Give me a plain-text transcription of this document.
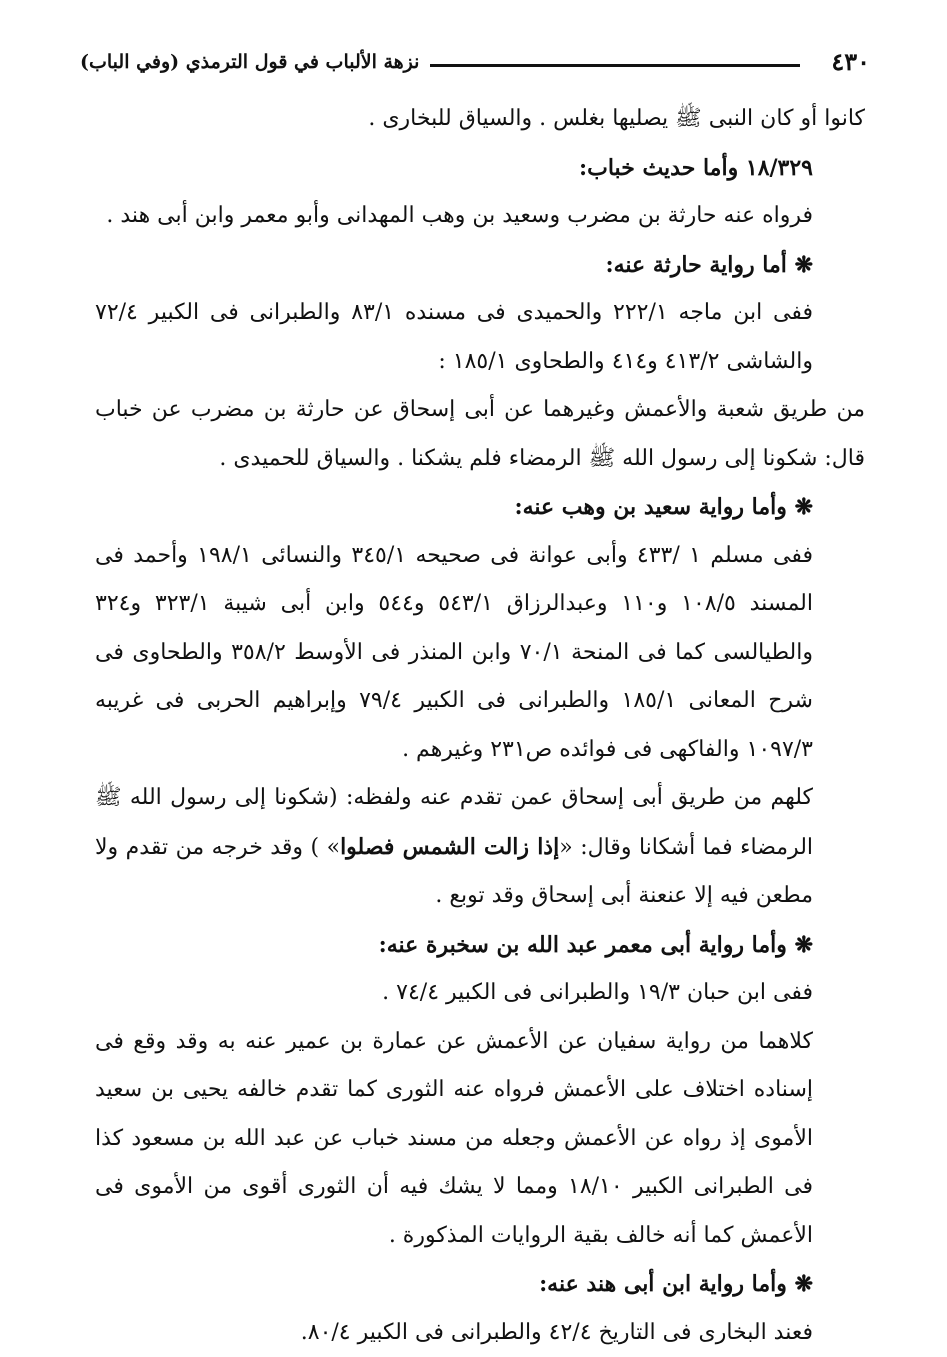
٤٣٠
نزهة الألباب في قول الترمذي (وفي الباب)

كانوا أو كان النبى ﷺ يصليها بغلس . والسياق للبخارى .

١٨/٣٢٩ وأما حديث خباب:

فرواه عنه حارثة بن مضرب وسعيد بن وهب المهدانى وأبو معمر وابن أبى هند .

❋ أما رواية حارثة عنه:

ففى ابن ماجه ٢٢٢/١ والحميدى فى مسنده ٨٣/١ والطبرانى فى الكبير ٧٢/٤ والشاشى ٤١٣/٢ و٤١٤ والطحاوى ١٨٥/١ :

من طريق شعبة والأعمش وغيرهما عن أبى إسحاق عن حارثة بن مضرب عن خباب قال: شكونا إلى رسول الله ﷺ الرمضاء فلم يشكنا . والسياق للحميدى .

❋ وأما رواية سعيد بن وهب عنه:

ففى مسلم ١ /٤٣٣ وأبى عوانة فى صحيحه ٣٤٥/١ والنسائى ١٩٨/١ وأحمد فى المسند ١٠٨/٥ و١١٠ وعبدالرزاق ٥٤٣/١ و٥٤٤ وابن أبى شيبة ٣٢٣/١ و٣٢٤ والطيالسى كما فى المنحة ٧٠/١ وابن المنذر فى الأوسط ٣٥٨/٢ والطحاوى فى شرح المعانى ١٨٥/١ والطبرانى فى الكبير ٧٩/٤ وإبراهيم الحربى فى غريبه ١٠٩٧/٣ والفاكهى فى فوائده ص٢٣١ وغيرهم .

كلهم من طريق أبى إسحاق عمن تقدم عنه ولفظه: (شكونا إلى رسول الله ﷺ الرمضاء فما أشكانا وقال: «إذا زالت الشمس فصلوا» ) وقد خرجه من تقدم ولا مطعن فيه إلا عنعنة أبى إسحاق وقد توبع .

❋ وأما رواية أبى معمر عبد الله بن سخبرة عنه:

ففى ابن حبان ١٩/٣ والطبرانى فى الكبير ٧٤/٤ .

كلاهما من رواية سفيان عن الأعمش عن عمارة بن عمير عنه به وقد وقع فى إسناده اختلاف على الأعمش فرواه عنه الثورى كما تقدم خالفه يحيى بن سعيد الأموى إذ رواه عن الأعمش وجعله من مسند خباب عن عبد الله بن مسعود كذا فى الطبرانى الكبير ١٨/١٠ ومما لا يشك فيه أن الثورى أقوى من الأموى فى الأعمش كما أنه خالف بقية الروايات المذكورة .

❋ وأما رواية ابن أبى هند عنه:

فعند البخارى فى التاريخ ٤٢/٤ والطبرانى فى الكبير ٨٠/٤.
